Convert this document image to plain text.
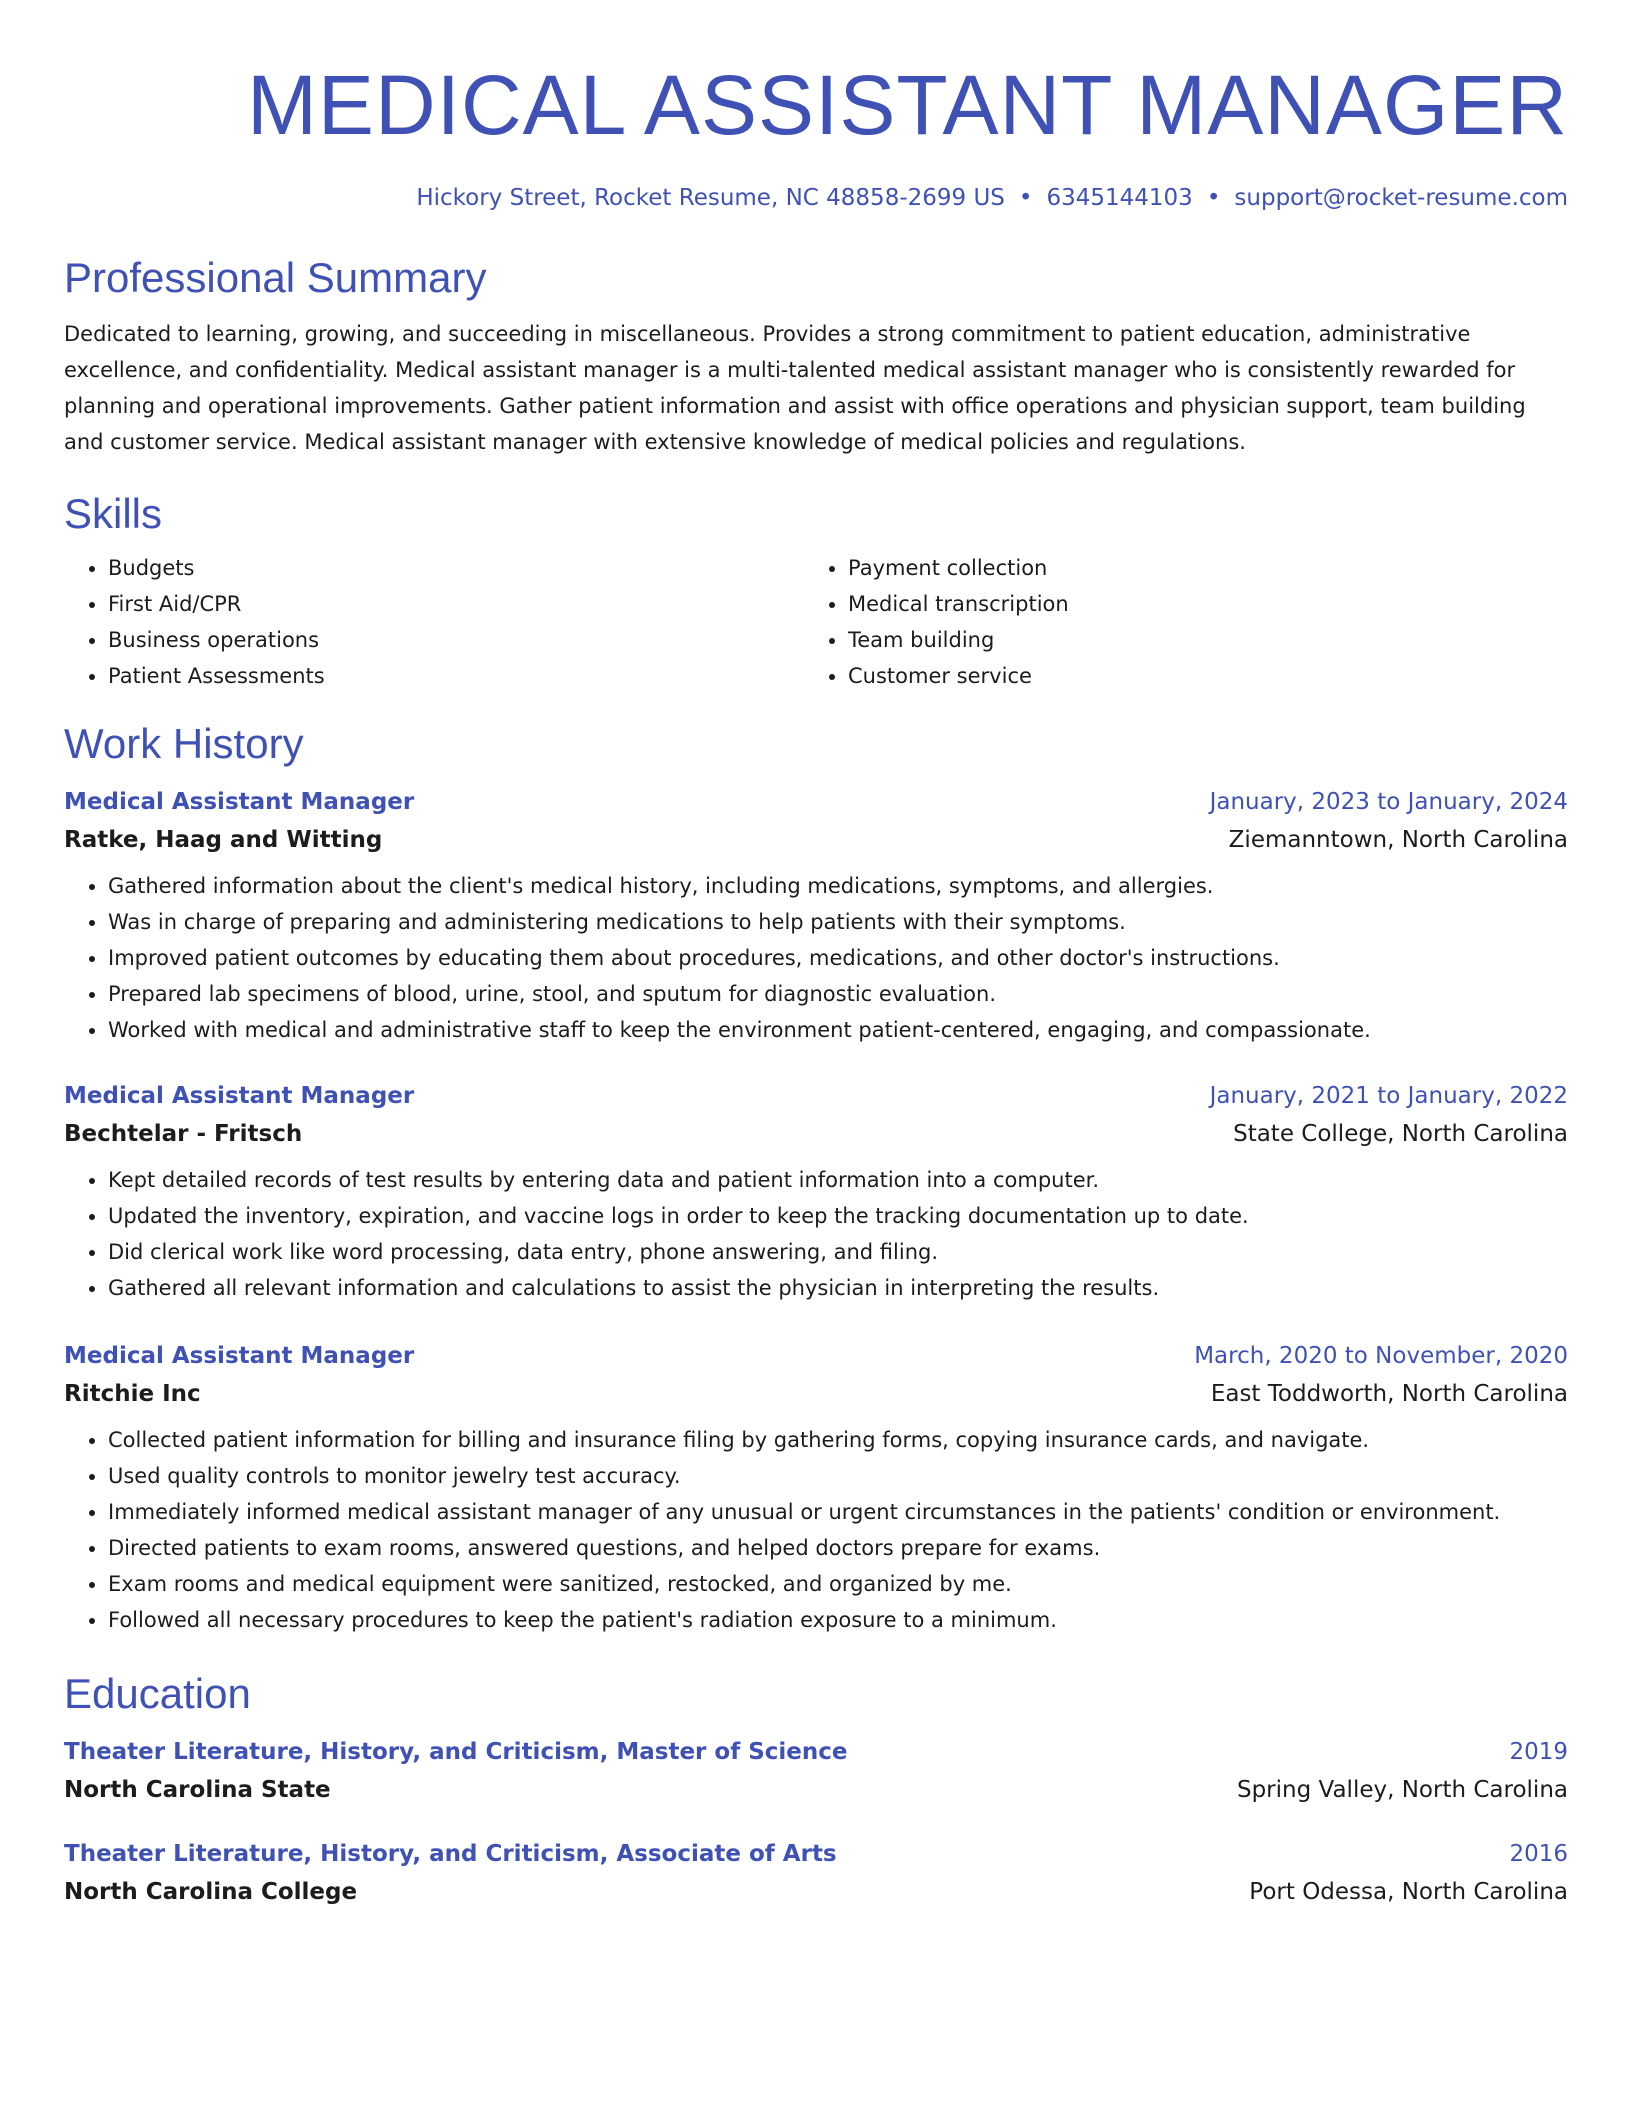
MEDICAL ASSISTANT MANAGER
Hickory Street, Rocket Resume, NC 48858-2699 US • 6345144103 • support@rocket-resume.com
Professional Summary
Dedicated to learning, growing, and succeeding in miscellaneous. Provides a strong commitment to patient education, administrative excellence, and confidentiality. Medical assistant manager is a multi-talented medical assistant manager who is consistently rewarded for planning and operational improvements. Gather patient information and assist with office operations and physician support, team building and customer service. Medical assistant manager with extensive knowledge of medical policies and regulations.
Skills
• Budgets
• First Aid/CPR
• Business operations
• Patient Assessments
• Payment collection
• Medical transcription
• Team building
• Customer service
Work History
Medical Assistant Manager	January, 2023 to January, 2024
Ratke, Haag and Witting	Ziemanntown, North Carolina
• Gathered information about the client's medical history, including medications, symptoms, and allergies.
• Was in charge of preparing and administering medications to help patients with their symptoms.
• Improved patient outcomes by educating them about procedures, medications, and other doctor's instructions.
• Prepared lab specimens of blood, urine, stool, and sputum for diagnostic evaluation.
• Worked with medical and administrative staff to keep the environment patient-centered, engaging, and compassionate.
Medical Assistant Manager	January, 2021 to January, 2022
Bechtelar - Fritsch	State College, North Carolina
• Kept detailed records of test results by entering data and patient information into a computer.
• Updated the inventory, expiration, and vaccine logs in order to keep the tracking documentation up to date.
• Did clerical work like word processing, data entry, phone answering, and filing.
• Gathered all relevant information and calculations to assist the physician in interpreting the results.
Medical Assistant Manager	March, 2020 to November, 2020
Ritchie Inc	East Toddworth, North Carolina
• Collected patient information for billing and insurance filing by gathering forms, copying insurance cards, and navigate.
• Used quality controls to monitor jewelry test accuracy.
• Immediately informed medical assistant manager of any unusual or urgent circumstances in the patients' condition or environment.
• Directed patients to exam rooms, answered questions, and helped doctors prepare for exams.
• Exam rooms and medical equipment were sanitized, restocked, and organized by me.
• Followed all necessary procedures to keep the patient's radiation exposure to a minimum.
Education
Theater Literature, History, and Criticism, Master of Science	2019
North Carolina State	Spring Valley, North Carolina
Theater Literature, History, and Criticism, Associate of Arts	2016
North Carolina College	Port Odessa, North Carolina
